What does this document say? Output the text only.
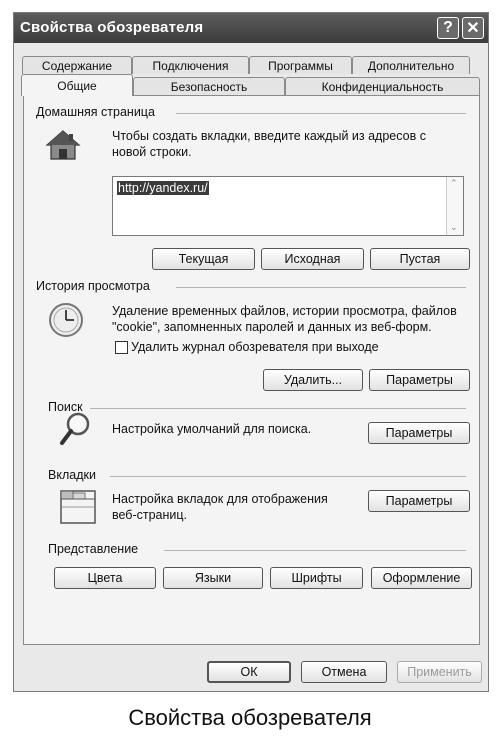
Свойства обозревателя	? ✕
Содержание	Подключения	Программы	Дополнительно
Общие	Безопасность	Конфиденциальность
Домашняя страница
Чтобы создать вкладки, введите каждый из адресов с
новой строки.
http://yandex.ru/	⌃
⌄
Текущая	Исходная	Пустая
История просмотра
Удаление временных файлов, истории просмотра, файлов
"cookie", запомненных паролей и данных из веб-форм.
Удалить журнал обозревателя при выходе
Удалить...	Параметры
Поиск
Настройка умолчаний для поиска.	Параметры
Вкладки
Настройка вкладок для отображения
веб-страниц.
Параметры
Представление
Цвета	Языки	Шрифты	Оформление
ОК	Отмена	Применить
Свойства обозревателя
